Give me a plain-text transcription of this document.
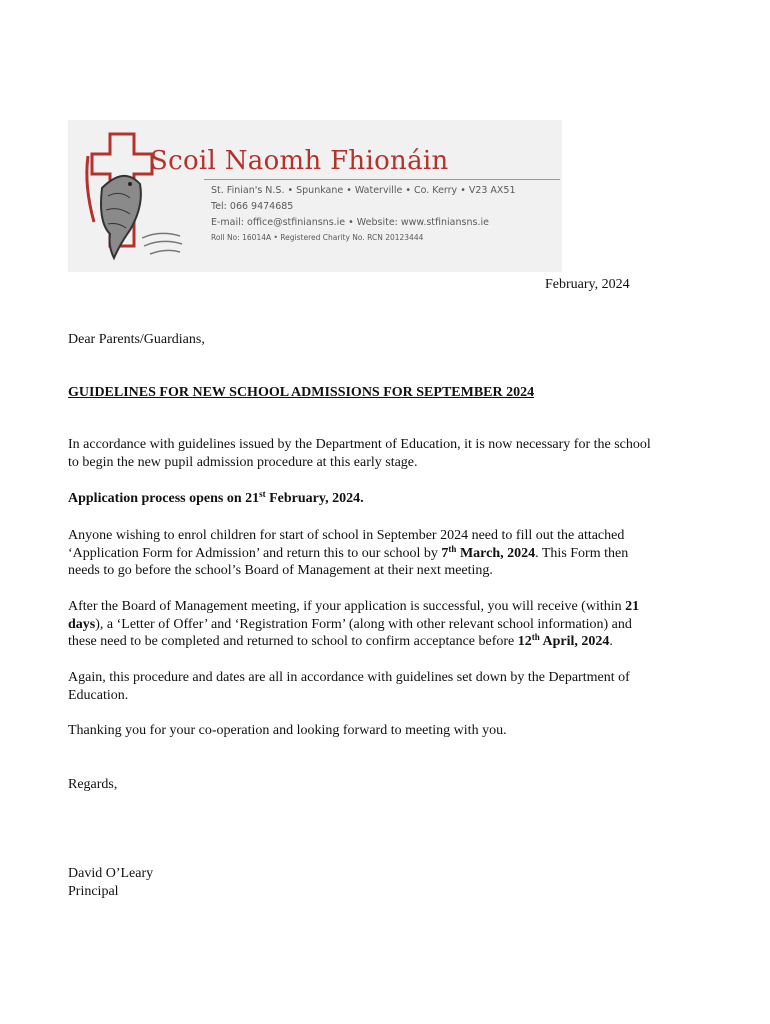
Scoil Naomh Fhionáin
St. Finian's N.S. • Spunkane • Waterville • Co. Kerry • V23 AX51
Tel: 066 9474685
E-mail: office@stfiniansns.ie • Website: www.stfiniansns.ie
Roll No: 16014A • Registered Charity No. RCN 20123444
February, 2024
Dear Parents/Guardians,
GUIDELINES FOR NEW SCHOOL ADMISSIONS FOR SEPTEMBER 2024
In accordance with guidelines issued by the Department of Education, it is now necessary for the school
to begin the new pupil admission procedure at this early stage.
Application process opens on 21st February, 2024.
Anyone wishing to enrol children for start of school in September 2024 need to fill out the attached
‘Application Form for Admission’ and return this to our school by 7th March, 2024. This Form then
needs to go before the school’s Board of Management at their next meeting.
After the Board of Management meeting, if your application is successful, you will receive (within 21
days), a ‘Letter of Offer’ and ‘Registration Form’ (along with other relevant school information) and
these need to be completed and returned to school to confirm acceptance before 12th April, 2024.
Again, this procedure and dates are all in accordance with guidelines set down by the Department of
Education.
Thanking you for your co-operation and looking forward to meeting with you.
Regards,
David O’Leary
Principal
